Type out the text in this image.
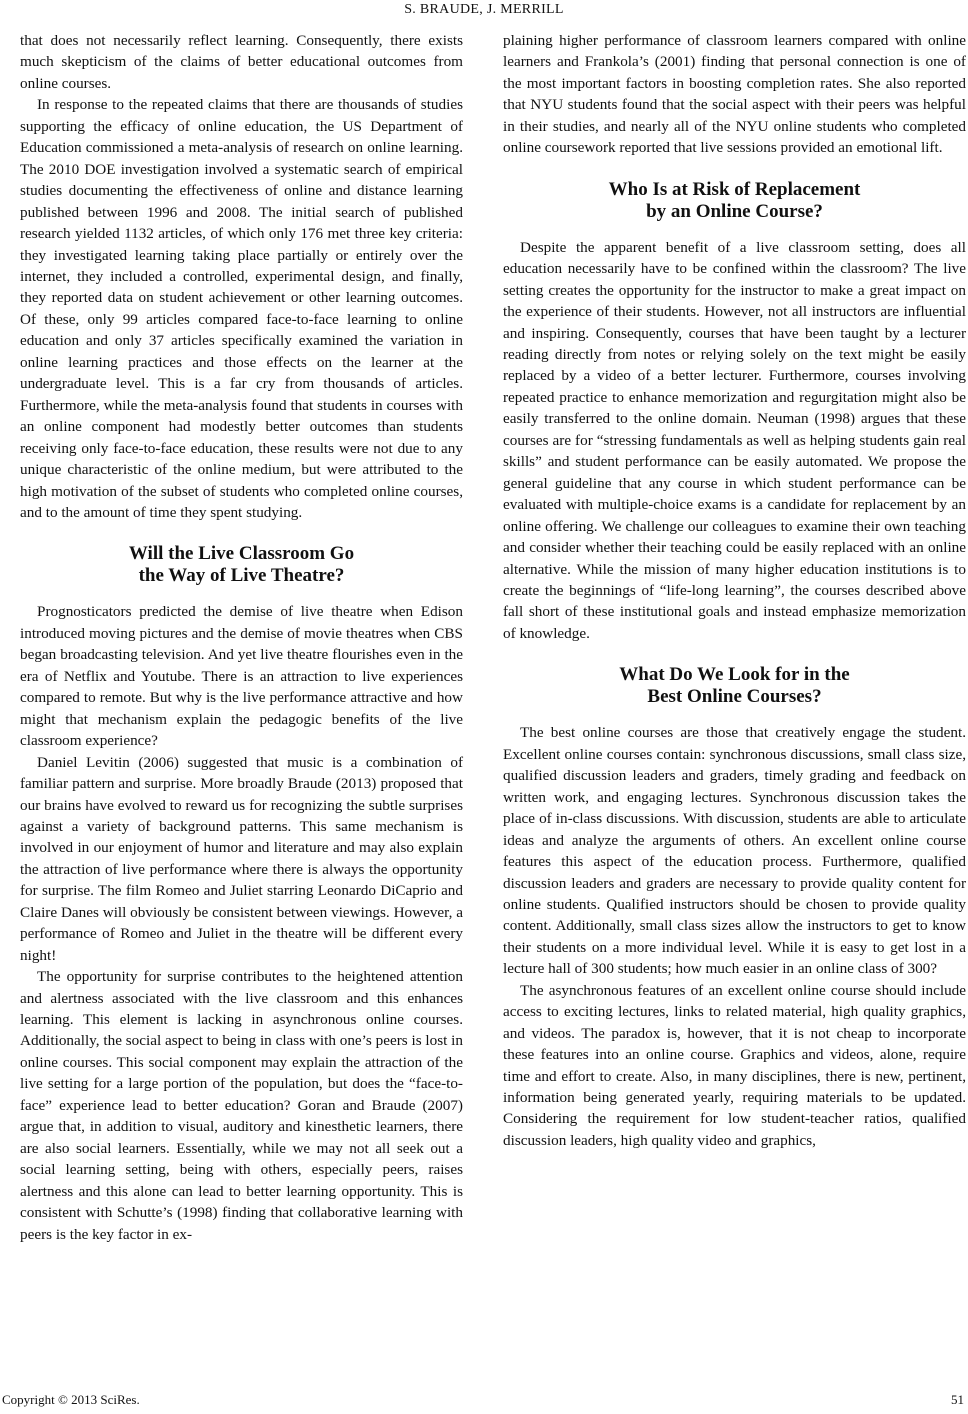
S. BRAUDE, J. MERRILL

that does not necessarily reflect learning. Consequently, there exists much skepticism of the claims of better educational outcomes from online courses.

In response to the repeated claims that there are thousands of studies supporting the efficacy of online education, the US Department of Education commissioned a meta-analysis of research on online learning. The 2010 DOE investigation involved a systematic search of empirical studies documenting the effectiveness of online and distance learning published between 1996 and 2008. The initial search of published research yielded 1132 articles, of which only 176 met three key criteria: they investigated learning taking place partially or entirely over the internet, they included a controlled, experimental design, and finally, they reported data on student achievement or other learning outcomes. Of these, only 99 articles compared face-to-face learning to online education and only 37 articles specifically examined the variation in online learning practices and those effects on the learner at the undergraduate level. This is a far cry from thousands of articles. Furthermore, while the meta-analysis found that students in courses with an online component had modestly better outcomes than students receiving only face-to-face education, these results were not due to any unique characteristic of the online medium, but were attributed to the high motivation of the subset of students who completed online courses, and to the amount of time they spent studying.

Will the Live Classroom Go
the Way of Live Theatre?

Prognosticators predicted the demise of live theatre when Edison introduced moving pictures and the demise of movie theatres when CBS began broadcasting television. And yet live theatre flourishes even in the era of Netflix and Youtube. There is an attraction to live experiences compared to remote. But why is the live performance attractive and how might that mechanism explain the pedagogic benefits of the live classroom experience?

Daniel Levitin (2006) suggested that music is a combination of familiar pattern and surprise. More broadly Braude (2013) proposed that our brains have evolved to reward us for recognizing the subtle surprises against a variety of background patterns. This same mechanism is involved in our enjoyment of humor and literature and may also explain the attraction of live performance where there is always the opportunity for surprise. The film Romeo and Juliet starring Leonardo DiCaprio and Claire Danes will obviously be consistent between viewings. However, a performance of Romeo and Juliet in the theatre will be different every night!

The opportunity for surprise contributes to the heightened attention and alertness associated with the live classroom and this enhances learning. This element is lacking in asynchronous online courses. Additionally, the social aspect to being in class with one’s peers is lost in online courses. This social component may explain the attraction of the live setting for a large portion of the population, but does the “face-to-face” experience lead to better education? Goran and Braude (2007) argue that, in addition to visual, auditory and kinesthetic learners, there are also social learners. Essentially, while we may not all seek out a social learning setting, being with others, especially peers, raises alertness and this alone can lead to better learning opportunity. This is consistent with Schutte’s (1998) finding that collaborative learning with peers is the key factor in ex-

plaining higher performance of classroom learners compared with online learners and Frankola’s (2001) finding that personal connection is one of the most important factors in boosting completion rates. She also reported that NYU students found that the social aspect with their peers was helpful in their studies, and nearly all of the NYU online students who completed online coursework reported that live sessions provided an emotional lift.

Who Is at Risk of Replacement
by an Online Course?

Despite the apparent benefit of a live classroom setting, does all education necessarily have to be confined within the classroom? The live setting creates the opportunity for the instructor to make a great impact on the experience of their students. However, not all instructors are influential and inspiring. Consequently, courses that have been taught by a lecturer reading directly from notes or relying solely on the text might be easily replaced by a video of a better lecturer. Furthermore, courses involving repeated practice to enhance memorization and regurgitation might also be easily transferred to the online domain. Neuman (1998) argues that these courses are for “stressing fundamentals as well as helping students gain real skills” and student performance can be easily automated. We propose the general guideline that any course in which student performance can be evaluated with multiple-choice exams is a candidate for replacement by an online offering. We challenge our colleagues to examine their own teaching and consider whether their teaching could be easily replaced with an online alternative. While the mission of many higher education institutions is to create the beginnings of “life-long learning”, the courses described above fall short of these institutional goals and instead emphasize memorization of knowledge.

What Do We Look for in the
Best Online Courses?

The best online courses are those that creatively engage the student. Excellent online courses contain: synchronous discussions, small class size, qualified discussion leaders and graders, timely grading and feedback on written work, and engaging lectures. Synchronous discussion takes the place of in-class discussions. With discussion, students are able to articulate ideas and analyze the arguments of others. An excellent online course features this aspect of the education process. Furthermore, qualified discussion leaders and graders are necessary to provide quality content for online students. Qualified instructors should be chosen to provide quality content. Additionally, small class sizes allow the instructors to get to know their students on a more individual level. While it is easy to get lost in a lecture hall of 300 students; how much easier in an online class of 300?

The asynchronous features of an excellent online course should include access to exciting lectures, links to related material, high quality graphics, and videos. The paradox is, however, that it is not cheap to incorporate these features into an online course. Graphics and videos, alone, require time and effort to create. Also, in many disciplines, there is new, pertinent, information being generated yearly, requiring materials to be updated. Considering the requirement for low student-teacher ratios, qualified discussion leaders, high quality video and graphics,

Copyright © 2013 SciRes.	51
